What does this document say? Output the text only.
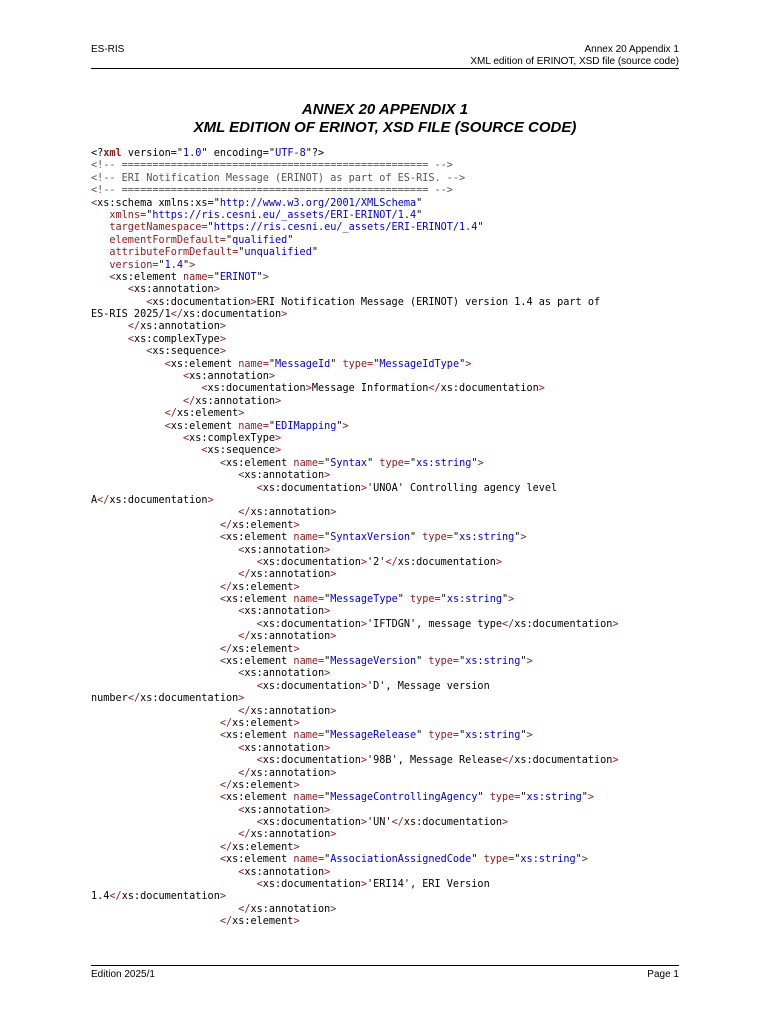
ES-RIS	Annex 20 Appendix 1
XML edition of ERINOT, XSD file (source code)
ANNEX 20 APPENDIX 1
XML EDITION OF ERINOT, XSD FILE (SOURCE CODE)
<?xml version="1.0" encoding="UTF-8"?>
<!-- ================================================== -->
<!-- ERI Notification Message (ERINOT) as part of ES-RIS. -->
<!-- ================================================== -->
<xs:schema xmlns:xs="http://www.w3.org/2001/XMLSchema"
xmlns="https://ris.cesni.eu/_assets/ERI-ERINOT/1.4"
targetNamespace="https://ris.cesni.eu/_assets/ERI-ERINOT/1.4"
elementFormDefault="qualified"
attributeFormDefault="unqualified"
version="1.4">
<xs:element name="ERINOT">
<xs:annotation>
<xs:documentation>ERI Notification Message (ERINOT) version 1.4 as part of
ES-RIS 2025/1</xs:documentation>
</xs:annotation>
<xs:complexType>
<xs:sequence>
<xs:element name="MessageId" type="MessageIdType">
<xs:annotation>
<xs:documentation>Message Information</xs:documentation>
</xs:annotation>
</xs:element>
<xs:element name="EDIMapping">
<xs:complexType>
<xs:sequence>
<xs:element name="Syntax" type="xs:string">
<xs:annotation>
<xs:documentation>'UNOA' Controlling agency level
A</xs:documentation>
</xs:annotation>
</xs:element>
<xs:element name="SyntaxVersion" type="xs:string">
<xs:annotation>
<xs:documentation>'2'</xs:documentation>
</xs:annotation>
</xs:element>
<xs:element name="MessageType" type="xs:string">
<xs:annotation>
<xs:documentation>'IFTDGN', message type</xs:documentation>
</xs:annotation>
</xs:element>
<xs:element name="MessageVersion" type="xs:string">
<xs:annotation>
<xs:documentation>'D', Message version
number</xs:documentation>
</xs:annotation>
</xs:element>
<xs:element name="MessageRelease" type="xs:string">
<xs:annotation>
<xs:documentation>'98B', Message Release</xs:documentation>
</xs:annotation>
</xs:element>
<xs:element name="MessageControllingAgency" type="xs:string">
<xs:annotation>
<xs:documentation>'UN'</xs:documentation>
</xs:annotation>
</xs:element>
<xs:element name="AssociationAssignedCode" type="xs:string">
<xs:annotation>
<xs:documentation>'ERI14', ERI Version
1.4</xs:documentation>
</xs:annotation>
</xs:element>
Edition 2025/1	Page 1
